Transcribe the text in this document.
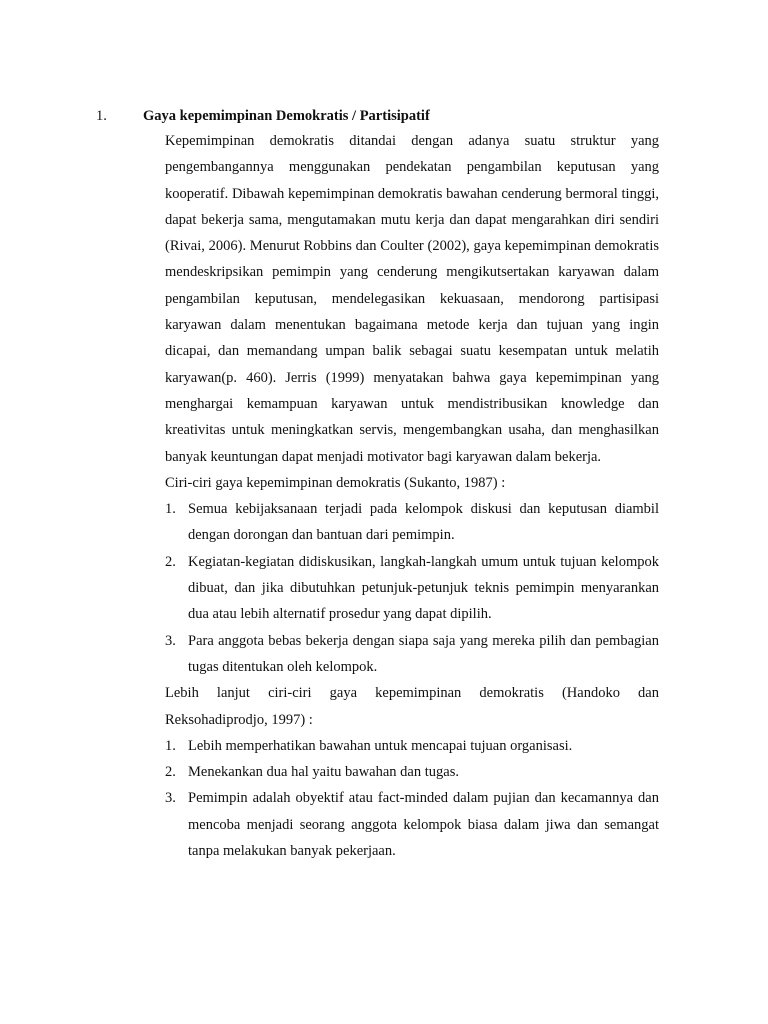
1. Gaya kepemimpinan Demokratis / Partisipatif

Kepemimpinan demokratis ditandai dengan adanya suatu struktur yang pengembangannya menggunakan pendekatan pengambilan keputusan yang kooperatif. Dibawah kepemimpinan demokratis bawahan cenderung bermoral tinggi, dapat bekerja sama, mengutamakan mutu kerja dan dapat mengarahkan diri sendiri (Rivai, 2006). Menurut Robbins dan Coulter (2002), gaya kepemimpinan demokratis mendeskripsikan pemimpin yang cenderung mengikutsertakan karyawan dalam pengambilan keputusan, mendelegasikan kekuasaan, mendorong partisipasi karyawan dalam menentukan bagaimana metode kerja dan tujuan yang ingin dicapai, dan memandang umpan balik sebagai suatu kesempatan untuk melatih karyawan(p. 460). Jerris (1999) menyatakan bahwa gaya kepemimpinan yang menghargai kemampuan karyawan untuk mendistribusikan knowledge dan kreativitas untuk meningkatkan servis, mengembangkan usaha, dan menghasilkan banyak keuntungan dapat menjadi motivator bagi karyawan dalam bekerja.

Ciri-ciri gaya kepemimpinan demokratis (Sukanto, 1987) :

1. Semua kebijaksanaan terjadi pada kelompok diskusi dan keputusan diambil dengan dorongan dan bantuan dari pemimpin.
2. Kegiatan-kegiatan didiskusikan, langkah-langkah umum untuk tujuan kelompok dibuat, dan jika dibutuhkan petunjuk-petunjuk teknis pemimpin menyarankan dua atau lebih alternatif prosedur yang dapat dipilih.
3. Para anggota bebas bekerja dengan siapa saja yang mereka pilih dan pembagian tugas ditentukan oleh kelompok.

Lebih lanjut ciri-ciri gaya kepemimpinan demokratis (Handoko dan Reksohadiprodjo, 1997) :

1. Lebih memperhatikan bawahan untuk mencapai tujuan organisasi.
2. Menekankan dua hal yaitu bawahan dan tugas.
3. Pemimpin adalah obyektif atau fact-minded dalam pujian dan kecamannya dan mencoba menjadi seorang anggota kelompok biasa dalam jiwa dan semangat tanpa melakukan banyak pekerjaan.
